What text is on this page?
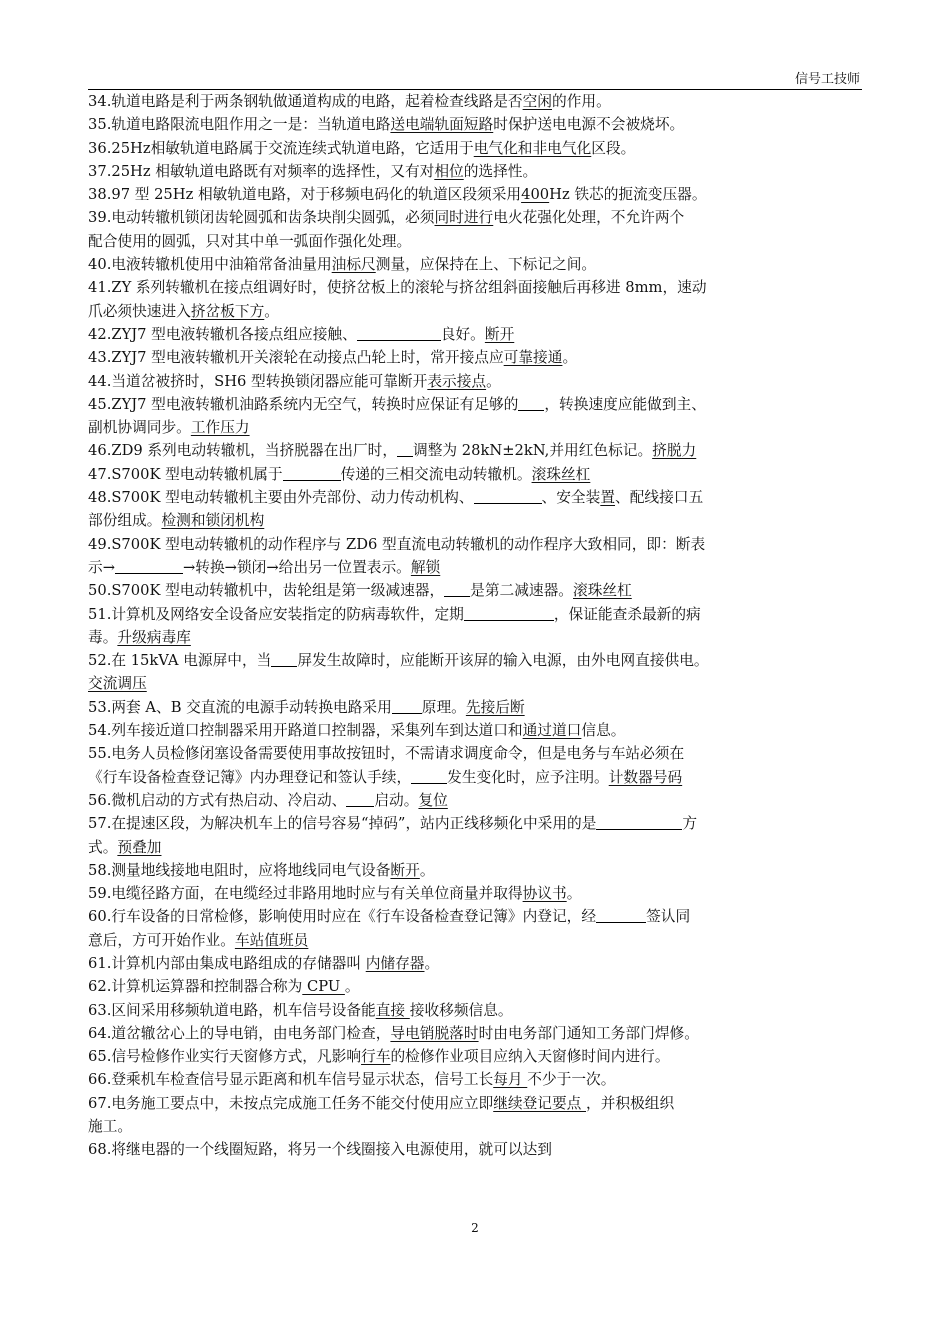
信号工技师
34.轨道电路是利于两条钢轨做通道构成的电路，起着检查线路是否空闲的作用。
35.轨道电路限流电阻作用之一是：当轨道电路送电端轨面短路时保护送电电源不会被烧坏。
36.25Hz相敏轨道电路属于交流连续式轨道电路，它适用于电气化和非电气化区段。
37.25Hz 相敏轨道电路既有对频率的选择性，又有对相位的选择性。
38.97 型 25Hz 相敏轨道电路，对于移频电码化的轨道区段须采用400Hz 铁芯的扼流变压器。
39.电动转辙机锁闭齿轮圆弧和齿条块削尖圆弧，必须同时进行电火花强化处理，不允许两个
配合使用的圆弧，只对其中单一弧面作强化处理。
40.电液转辙机使用中油箱常备油量用油标尺测量，应保持在上、下标记之间。
41.ZY 系列转辙机在接点组调好时，使挤岔板上的滚轮与挤岔组斜面接触后再移进 8mm，速动
爪必须快速进入挤岔板下方。
42.ZYJ7 型电液转辙机各接点组应接触、	良好。断开
43.ZYJ7 型电液转辙机开关滚轮在动接点凸轮上时，常开接点应可靠接通。
44.当道岔被挤时，SH6 型转换锁闭器应能可靠断开表示接点。
45.ZYJ7 型电液转辙机油路系统内无空气，转换时应保证有足够的 ，转换速度应能做到主、
副机协调同步。工作压力
46.ZD9 系列电动转辙机，当挤脱器在出厂时， 调整为 28kN±2kN,并用红色标记。挤脱力
47.S700K 型电动转辙机属于	传递的三相交流电动转辙机。滚珠丝杠
48.S700K 型电动转辙机主要由外壳部份、动力传动机构、	、安全装置、配线接口五
部份组成。检测和锁闭机构
49.S700K 型电动转辙机的动作程序与 ZD6 型直流电动转辙机的动作程序大致相同，即：断表
示→	→转换→锁闭→给出另一位置表示。解锁
50.S700K 型电动转辙机中，齿轮组是第一级减速器， 是第二减速器。滚珠丝杠
51.计算机及网络安全设备应安装指定的防病毒软件，定期	，保证能查杀最新的病
毒。升级病毒库
52.在 15kVA 电源屏中，当 屏发生故障时，应能断开该屏的输入电源，由外电网直接供电。
交流调压
53.两套 A、B 交直流的电源手动转换电路采用 原理。先接后断
54.列车接近道口控制器采用开路道口控制器，采集列车到达道口和通过道口信息。
55.电务人员检修闭塞设备需要使用事故按钮时，不需请求调度命令，但是电务与车站必须在
《行车设备检查登记簿》内办理登记和签认手续， 发生变化时，应予注明。计数器号码
56.微机启动的方式有热启动、冷启动、 启动。复位
57.在提速区段，为解决机车上的信号容易“掉码”，站内正线移频化中采用的是	方
式。预叠加
58.测量地线接地电阻时，应将地线同电气设备断开。
59.电缆径路方面，在电缆经过非路用地时应与有关单位商量并取得协议书。
60.行车设备的日常检修，影响使用时应在《行车设备检查登记簿》内登记，经	签认同
意后，方可开始作业。车站值班员
61.计算机内部由集成电路组成的存储器叫 内储存器。
62.计算机运算器和控制器合称为 CPU 。
63.区间采用移频轨道电路，机车信号设备能直接 接收移频信息。
64.道岔辙岔心上的导电销，由电务部门检查，导电销脱落时时由电务部门通知工务部门焊修。
65.信号检修作业实行天窗修方式，凡影响行车的检修作业项目应纳入天窗修时间内进行。
66.登乘机车检查信号显示距离和机车信号显示状态，信号工长每月 不少于一次。
67.电务施工要点中，未按点完成施工任务不能交付使用应立即继续登记要点 ，并积极组织
施工。
68.将继电器的一个线圈短路，将另一个线圈接入电源使用，就可以达到
2
